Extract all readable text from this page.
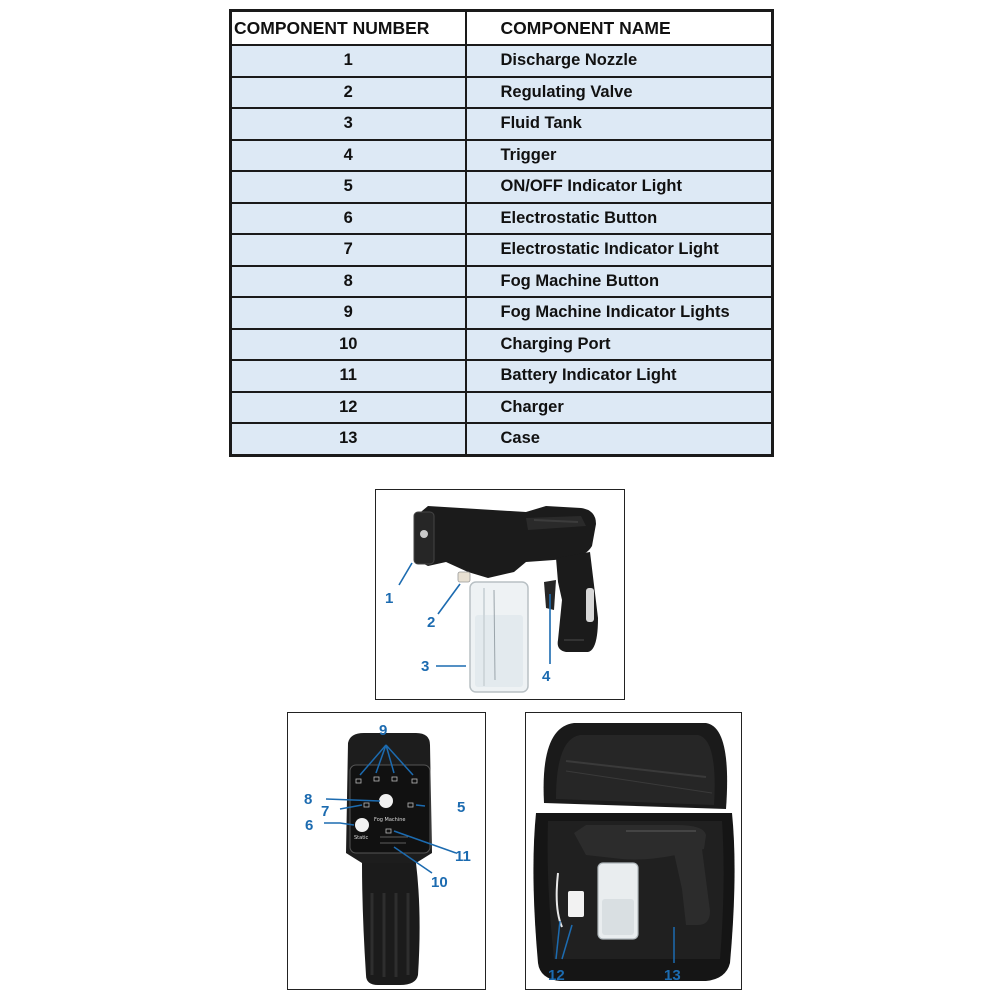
COMPONENT NUMBER	COMPONENT NAME
1	Discharge Nozzle
2	Regulating Valve
3	Fluid Tank
4	Trigger
5	ON/OFF Indicator Light
6	Electrostatic Button
7	Electrostatic Indicator Light
8	Fog Machine Button
9	Fog Machine Indicator Lights
10	Charging Port
11	Battery Indicator Light
12	Charger
13	Case
1
2
3
4
Fog Machine
Static
9
8
7
6
5
11
10
12	13
